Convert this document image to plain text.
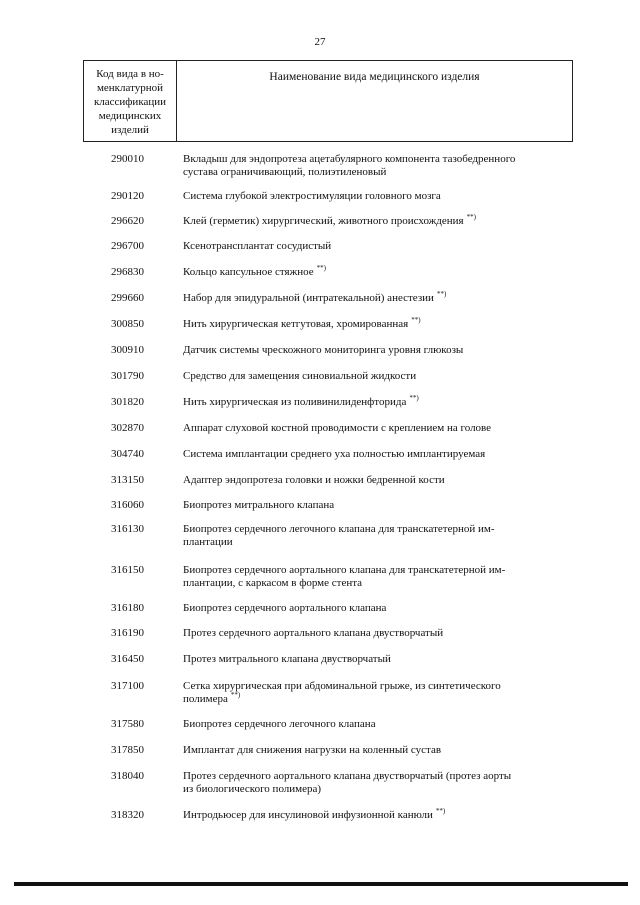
27
Код вида в но-
менклатурной
классификации
медицинских
изделий
Наименование вида медицинского изделия
290010	Вкладыш для эндопротеза ацетабулярного компонента тазобедренного
сустава ограничивающий, полиэтиленовый
290120	Система глубокой электростимуляции головного мозга
296620	Клей (герметик) хирургический, животного происхождения **)
296700	Ксенотрансплантат сосудистый
296830	Кольцо капсульное стяжное **)
299660	Набор для эпидуральной (интратекальной) анестезии **)
300850	Нить хирургическая кетгутовая, хромированная **)
300910	Датчик системы чрескожного мониторинга уровня глюкозы
301790	Средство для замещения синовиальной жидкости
301820	Нить хирургическая из поливинилиденфторида **)
302870	Аппарат слуховой костной проводимости с креплением на голове
304740	Система имплантации среднего уха полностью имплантируемая
313150	Адаптер эндопротеза головки и ножки бедренной кости
316060	Биопротез митрального клапана
316130	Биопротез сердечного легочного клапана для транскатетерной им-
плантации
316150	Биопротез сердечного аортального клапана для транскатетерной им-
плантации, с каркасом в форме стента
316180	Биопротез сердечного аортального клапана
316190	Протез сердечного аортального клапана двустворчатый
316450	Протез митрального клапана двустворчатый
317100	Сетка хирургическая при абдоминальной грыже, из синтетического
полимера **)
317580	Биопротез сердечного легочного клапана
317850	Имплантат для снижения нагрузки на коленный сустав
318040	Протез сердечного аортального клапана двустворчатый (протез аорты
из биологического полимера)
318320	Интродьюсер для инсулиновой инфузионной канюли **)
